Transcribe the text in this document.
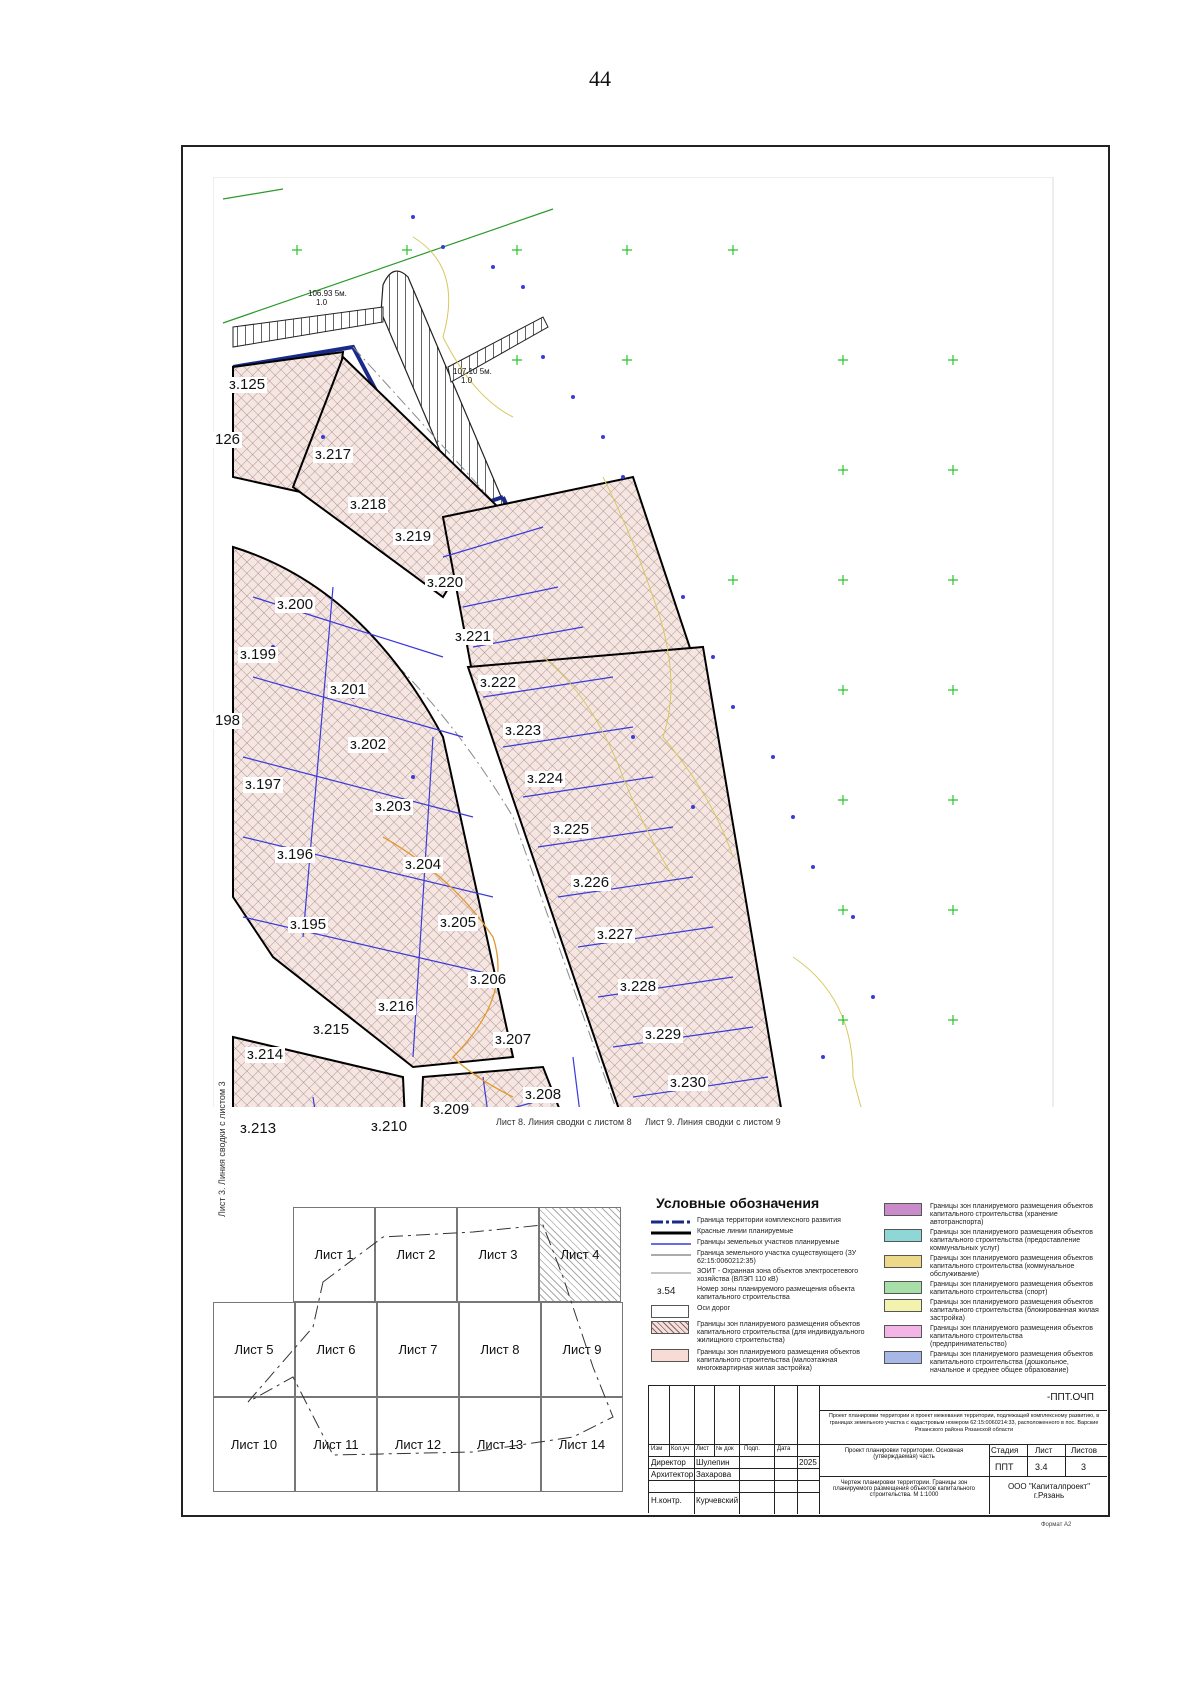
44
з.125
126
з.217
з.218
з.219
з.220
з.221
з.222
з.223
з.224
з.225
з.226
з.227
з.228
з.229
з.230
з.200
з.199
з.201
198
з.202
з.197
з.203
з.196
з.204
з.195	з.205
з.206
з.216
з.215
з.214
з.207
з.208
з.209
з.210
з.213
106.93 5м.
1.0
107.10 5м.
1.0
Лист 3. Линия сводки с листом 3	Лист 8. Линия сводки с листом 8 Лист 9. Линия сводки с листом 9
Лист 1	Лист 2	Лист 3	Лист 4
Лист 5	Лист 6	Лист 7	Лист 8	Лист 9
Лист 10	Лист 11	Лист 12	Лист 13	Лист 14
Условные обозначения
Граница территории комплексного развития
Красные линии планируемые
Границы земельных участков планируемые
Граница земельного участка существующего (ЗУ 62:15:0060212:35)
ЗОИТ - Охранная зона объектов электросетевого хозяйства (ВЛЭП 110 кВ)
з.54	Номер зоны планируемого размещения объекта капитального строительства
Оси дорог
Границы зон планируемого размещения объектов капитального строительства (для индивидуального жилищного строительства)
Границы зон планируемого размещения объектов капитального строительства (малоэтажная многоквартирная жилая застройка)
Границы зон планируемого размещения объектов капитального строительства (хранение автотранспорта)
Границы зон планируемого размещения объектов капитального строительства (предоставление коммунальных услуг)
Границы зон планируемого размещения объектов капитального строительства (коммунальное обслуживание)
Границы зон планируемого размещения объектов капитального строительства (спорт)
Границы зон планируемого размещения объектов капитального строительства (блокированная жилая застройка)
Границы зон планируемого размещения объектов капитального строительства (предпринимательство)
Границы зон планируемого размещения объектов капитального строительства (дошкольное, начальное и среднее общее образование)
-ППТ.ОЧП
Проект планировки территории и проект межевания территории, подлежащей комплексному развитию, в границах земельного участка с кадастровым номером 62:15:0060214:33, расположенного в пос. Варские Рязанского района Рязанской области
Изм Кол.уч Лист № док Подп.	Дата
Директор Шулепин	2025
Архитектор Захарова
Н.контр. Курчевский
Проект планировки территории. Основная (утверждаемая) часть
Стадия Лист Листов
ППТ 3.4	3
Чертеж планировки территории. Границы зон планируемого размещения объектов капитального строительства. М 1:1000
ООО "Капиталпроект" г.Рязань
Формат А2
